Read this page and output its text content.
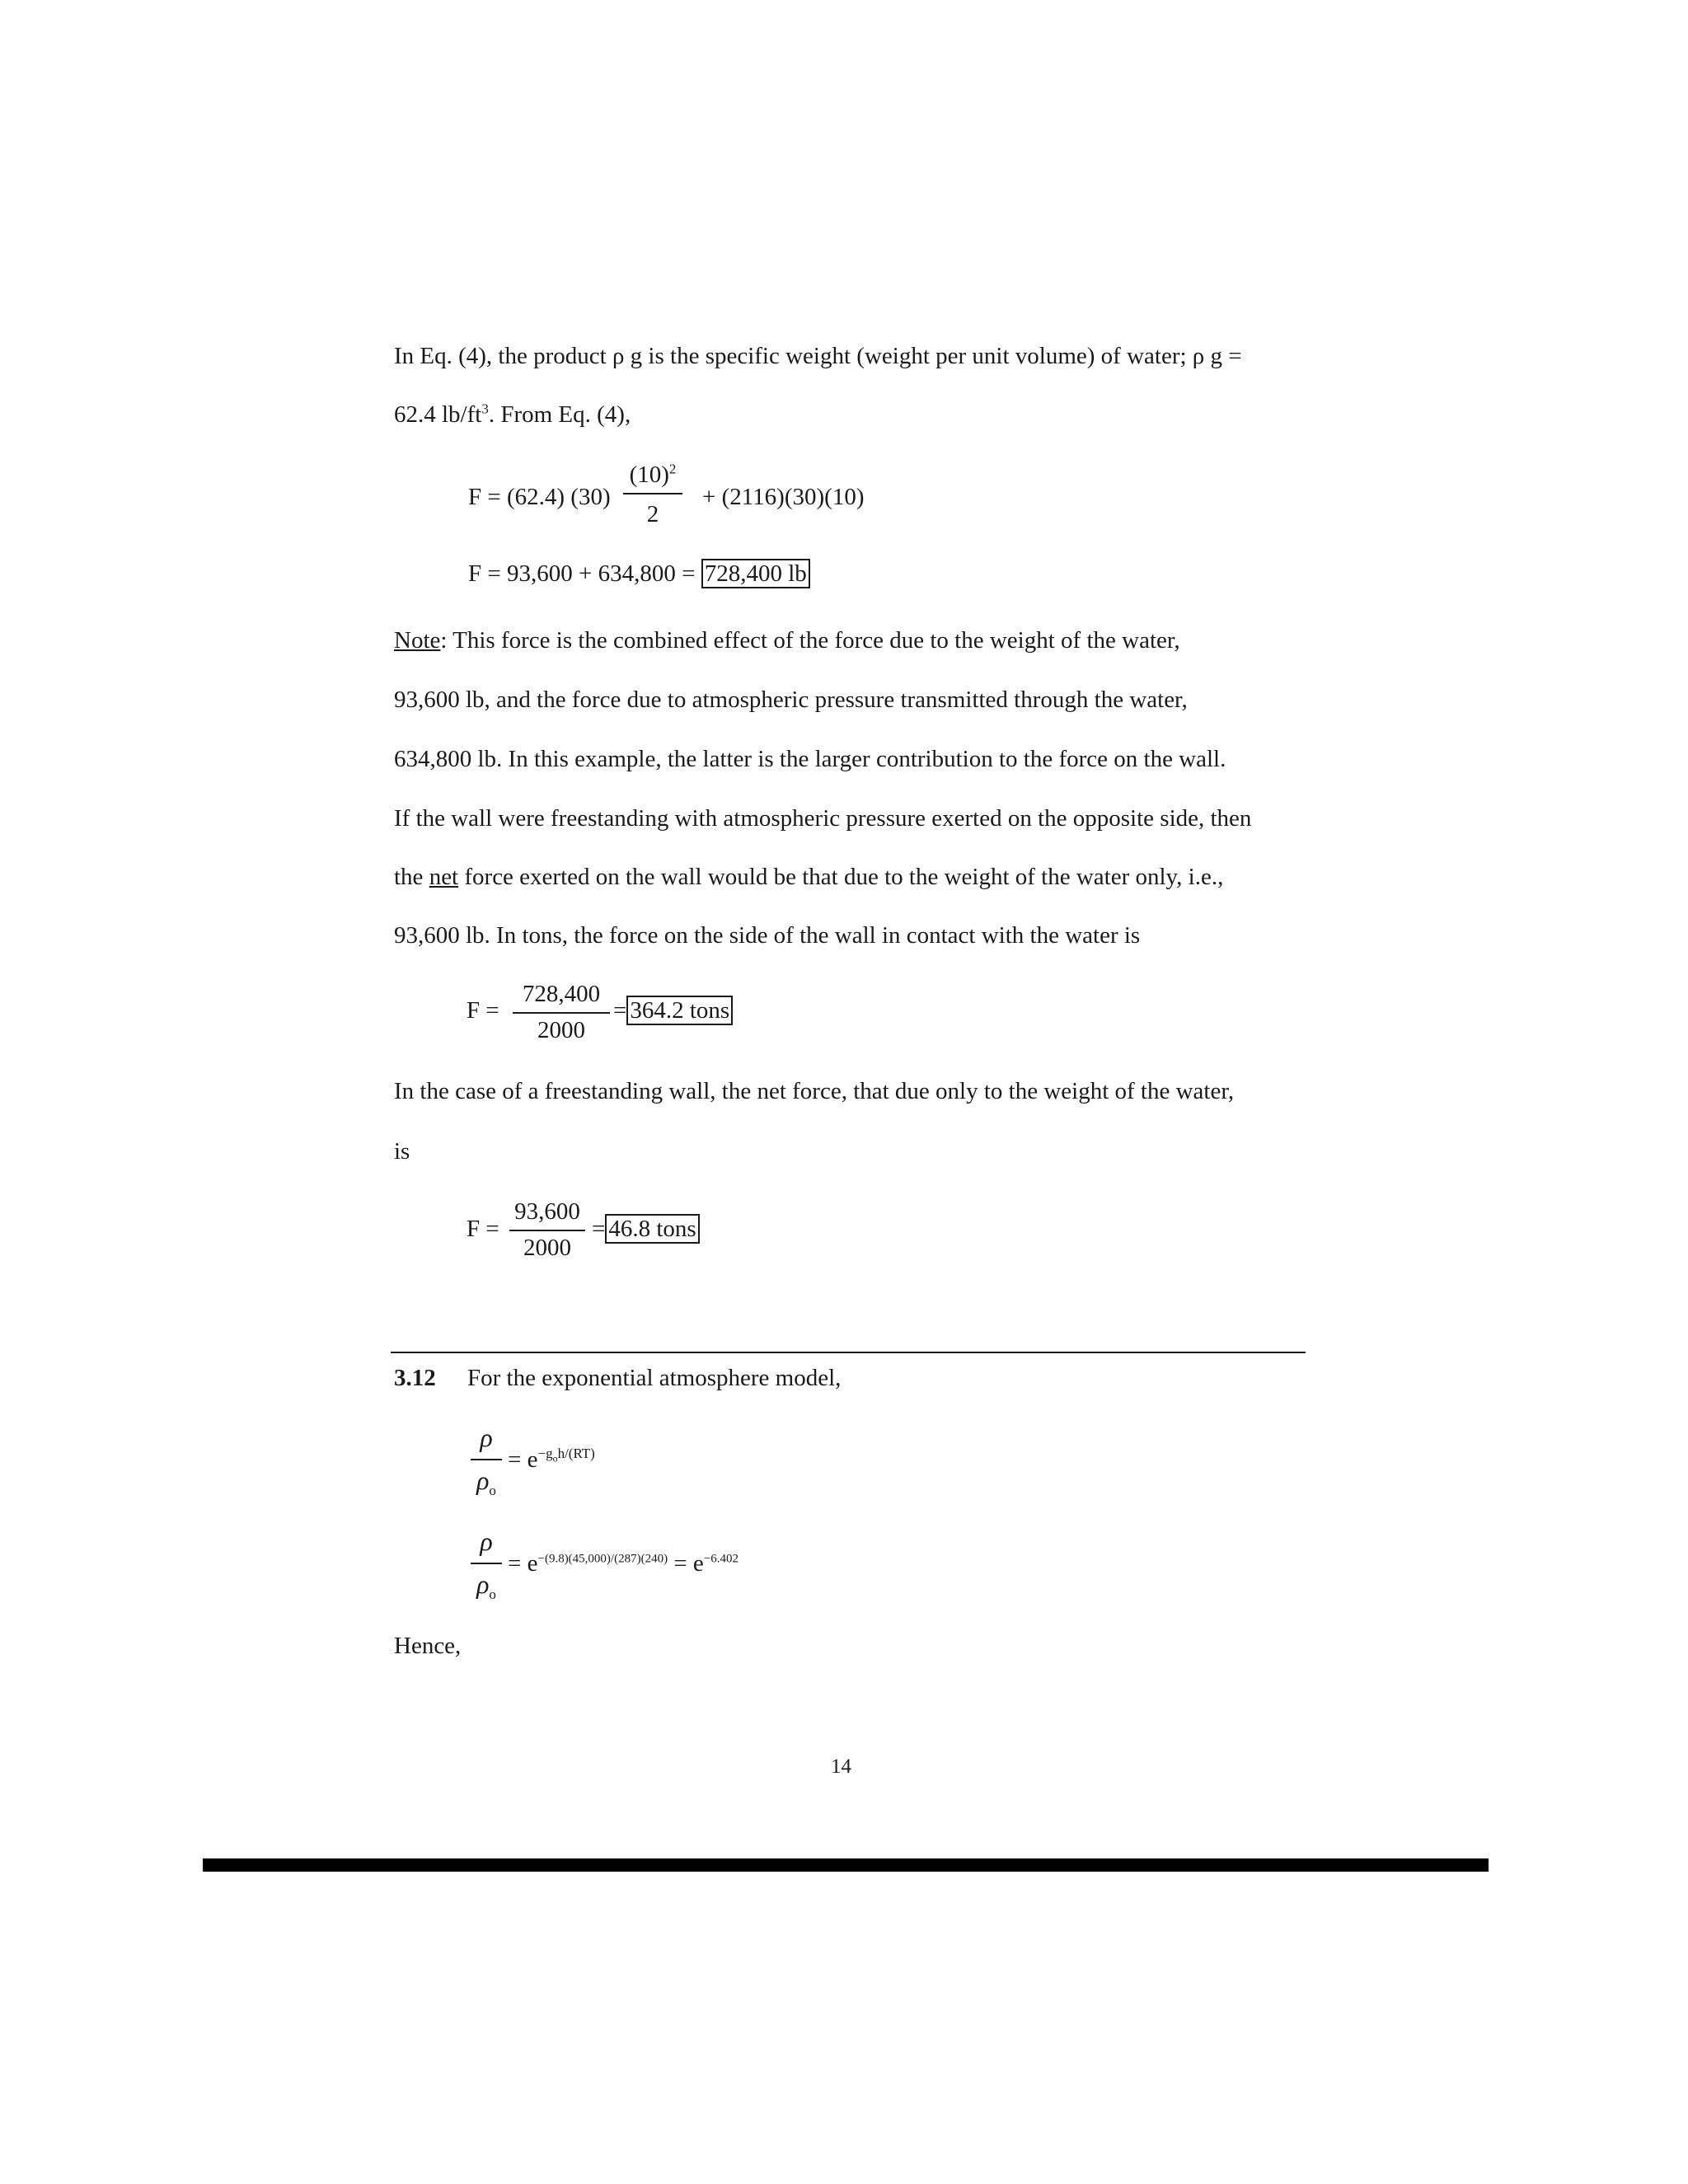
In Eq. (4), the product ρ g is the specific weight (weight per unit volume) of water; ρ g =
62.4 $lb/ft^3$. From Eq. (4),
F = (62.4) (30)
$(10)^2$
2
+ (2116)(30)(10)
F = 93,600 + 634,800 = 728,400 lb
Note: This force is the combined effect of the force due to the weight of the water,
93,600 lb, and the force due to atmospheric pressure transmitted through the water,
634,800 lb. In this example, the latter is the larger contribution to the force on the wall.
If the wall were freestanding with atmospheric pressure exerted on the opposite side, then
the net force exerted on the wall would be that due to the weight of the water only, i.e.,
93,600 lb. In tons, the force on the side of the wall in contact with the water is
F =
728,400
2000
= 364.2 tons
In the case of a freestanding wall, the net force, that due only to the weight of the water,
is
F =
93,600
2000
= 46.8 tons
3.12 For the exponential atmosphere model,
ρ
$\rho_o$
= $e^{-g_oh/(RT)}$
ρ
$\rho_o$
= $e^{-(9.8)(45,000)/(287)(240)} = e^{-6.402}$
Hence,
14
